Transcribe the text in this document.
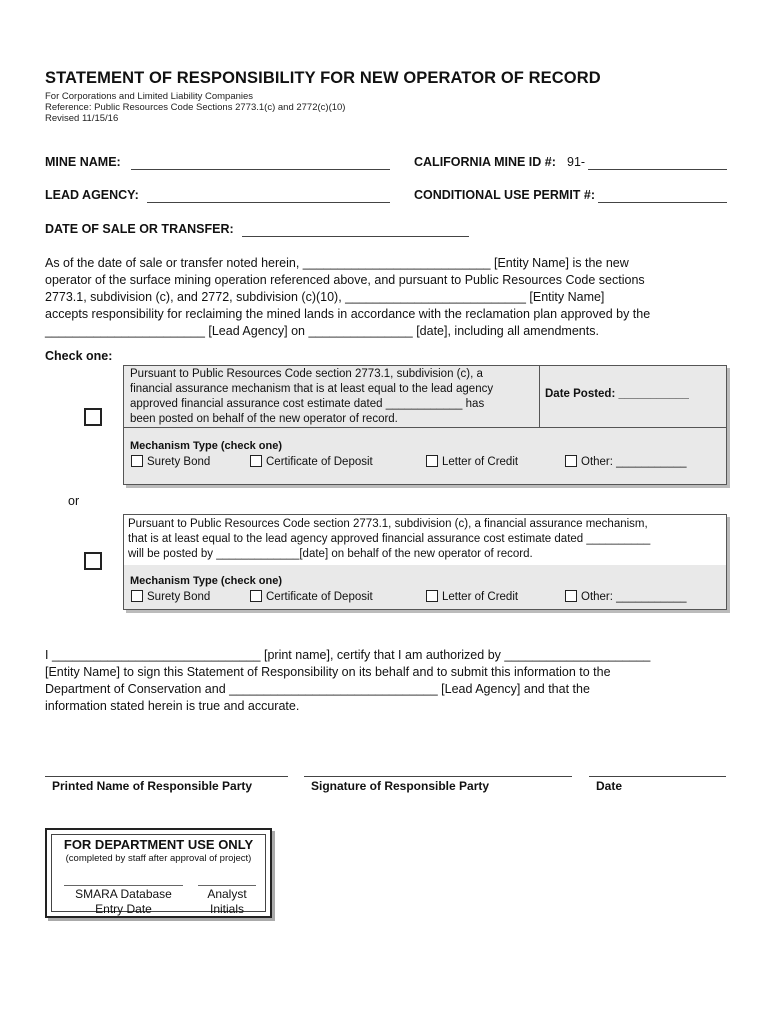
STATEMENT OF RESPONSIBILITY FOR NEW OPERATOR OF RECORD
For Corporations and Limited Liability Companies
Reference: Public Resources Code Sections 2773.1(c) and 2772(c)(10)
Revised 11/15/16
MINE NAME:	CALIFORNIA MINE ID #: 91-
LEAD AGENCY:	CONDITIONAL USE PERMIT #:
DATE OF SALE OR TRANSFER:
As of the date of sale or transfer noted herein, ___________________________ [Entity Name] is the new
operator of the surface mining operation referenced above, and pursuant to Public Resources Code sections
2773.1, subdivision (c), and 2772, subdivision (c)(10), __________________________ [Entity Name]
accepts responsibility for reclaiming the mined lands in accordance with the reclamation plan approved by the
_______________________ [Lead Agency] on _______________ [date], including all amendments.
Check one:
Pursuant to Public Resources Code section 2773.1, subdivision (c), a
financial assurance mechanism that is at least equal to the lead agency
approved financial assurance cost estimate dated ____________ has
been posted on behalf of the new operator of record.
Date Posted: ___________
Mechanism Type (check one)
Surety Bond	Certificate of Deposit	Letter of Credit	Other: ___________
or
Pursuant to Public Resources Code section 2773.1, subdivision (c), a financial assurance mechanism,
that is at least equal to the lead agency approved financial assurance cost estimate dated __________
will be posted by _____________[date] on behalf of the new operator of record.
Mechanism Type (check one)
Surety Bond	Certificate of Deposit	Letter of Credit	Other: ___________
I ______________________________ [print name], certify that I am authorized by _____________________
[Entity Name] to sign this Statement of Responsibility on its behalf and to submit this information to the
Department of Conservation and ______________________________ [Lead Agency] and that the
information stated herein is true and accurate.
Printed Name of Responsible Party	Signature of Responsible Party	Date
FOR DEPARTMENT USE ONLY
(completed by staff after approval of project)
SMARA Database
Entry Date
Analyst
Initials
